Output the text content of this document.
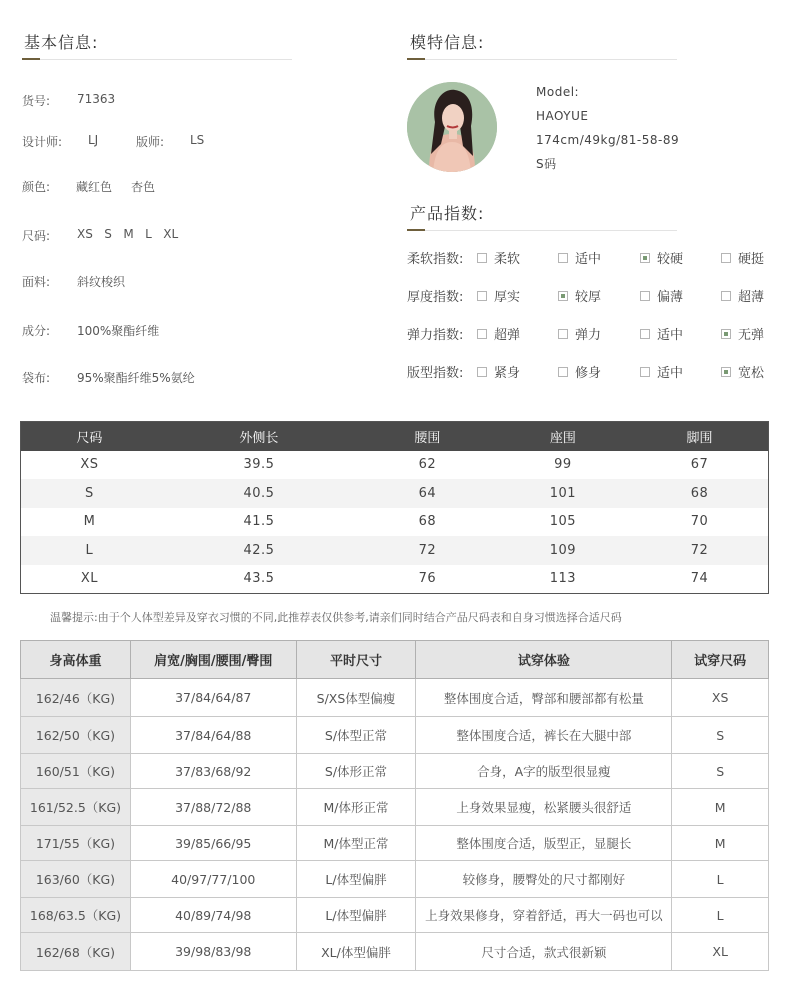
基本信息:
货号: 71363
设计师: LJ	版师: LS
颜色: 藏红色 杏色
尺码: XS   S   M   L   XL
面料: 斜纹梭织
成分: 100%聚酯纤维
袋布: 95%聚酯纤维5%氨纶
模特信息:
Model:
HAOYUE
174cm/49kg/81-58-89
S码
产品指数:
柔软指数: 柔软	适中	较硬	硬挺
厚度指数: 厚实	较厚	偏薄	超薄
弹力指数: 超弹	弹力	适中	无弹
版型指数: 紧身	修身	适中	宽松
尺码	外侧长	腰围	座围	脚围
XS	39.5	62	99	67
S	40.5	64	101	68
M	41.5	68	105	70
L	42.5	72	109	72
XL	43.5	76	113	74
温馨提示:由于个人体型差异及穿衣习惯的不同,此推荐表仅供参考,请亲们同时结合产品尺码表和自身习惯选择合适尺码
身高体重	肩宽/胸围/腰围/臀围	平时尺寸	试穿体验	试穿尺码
162/46（KG)	37/84/64/87	S/XS体型偏瘦	整体围度合适，臀部和腰部都有松量	XS
162/50（KG)	37/84/64/88	S/体型正常	整体围度合适，裤长在大腿中部	S
160/51（KG)	37/83/68/92	S/体形正常	合身，A字的版型很显瘦	S
161/52.5（KG)	37/88/72/88	M/体形正常	上身效果显瘦，松紧腰头很舒适	M
171/55（KG)	39/85/66/95	M/体型正常	整体围度合适，版型正，显腿长	M
163/60（KG)	40/97/77/100	L/体型偏胖	较修身，腰臀处的尺寸都刚好	L
168/63.5（KG)	40/89/74/98	L/体型偏胖	上身效果修身，穿着舒适，再大一码也可以	L
162/68（KG)	39/98/83/98	XL/体型偏胖	尺寸合适，款式很新颖	XL
